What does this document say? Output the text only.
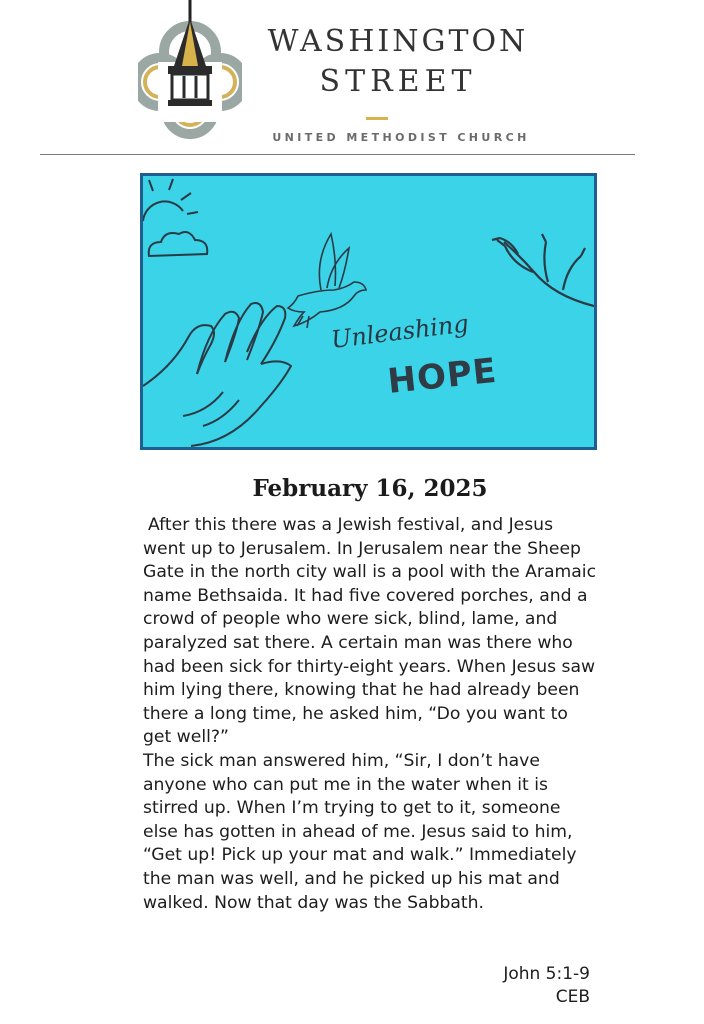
WASHINGTON
STREET
UNITED METHODIST CHURCH
Unleashing
HOPE
February 16, 2025

After this there was a Jewish festival, and Jesus went up to Jerusalem. In Jerusalem near the Sheep Gate in the north city wall is a pool with the Aramaic name Bethsaida. It had five covered porches, and a crowd of people who were sick, blind, lame, and paralyzed sat there. A certain man was there who had been sick for thirty-eight years. When Jesus saw him lying there, knowing that he had already been there a long time, he asked him, “Do you want to get well?”

The sick man answered him, “Sir, I don’t have anyone who can put me in the water when it is stirred up. When I’m trying to get to it, someone else has gotten in ahead of me. Jesus said to him, “Get up! Pick up your mat and walk.” Immediately the man was well, and he picked up his mat and walked. Now that day was the Sabbath.

John 5:1-9
CEB
